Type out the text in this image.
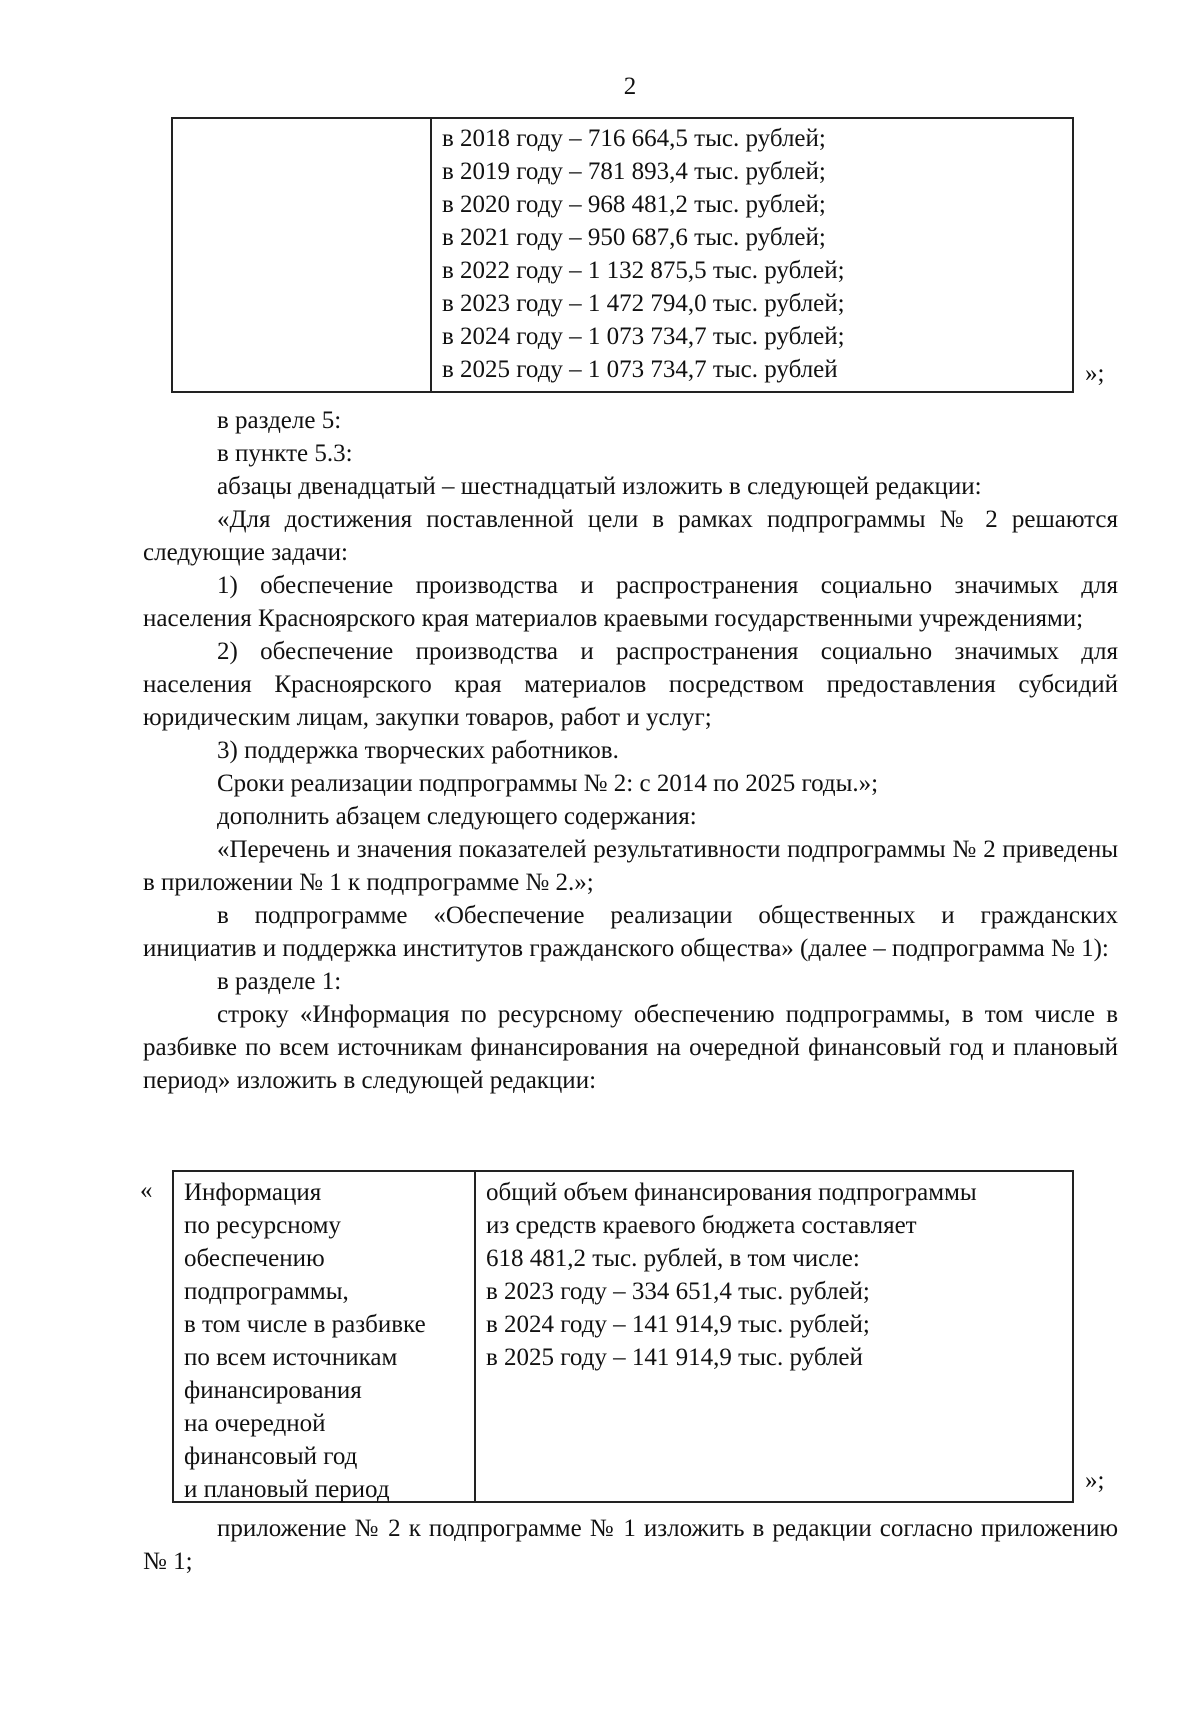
2
в 2018 году – 716 664,5 тыс. рублей;
в 2019 году – 781 893,4 тыс. рублей;
в 2020 году – 968 481,2 тыс. рублей;
в 2021 году – 950 687,6 тыс. рублей;
в 2022 году – 1 132 875,5 тыс. рублей;
в 2023 году – 1 472 794,0 тыс. рублей;
в 2024 году – 1 073 734,7 тыс. рублей;
в 2025 году – 1 073 734,7 тыс. рублей	»;

в разделе 5:

в пункте 5.3:

абзацы двенадцатый – шестнадцатый изложить в следующей редакции:

«Для достижения поставленной цели в рамках подпрограммы № 2 решаются следующие задачи:

1) обеспечение производства и распространения социально значимых для населения Красноярского края материалов краевыми государственными учреждениями;

2) обеспечение производства и распространения социально значимых для населения Красноярского края материалов посредством предоставления субсидий юридическим лицам, закупки товаров, работ и услуг;

3) поддержка творческих работников.

Сроки реализации подпрограммы № 2: с 2014 по 2025 годы.»;

дополнить абзацем следующего содержания:

«Перечень и значения показателей результативности подпрограммы № 2 приведены в приложении № 1 к подпрограмме № 2.»;

в подпрограмме «Обеспечение реализации общественных и гражданских инициатив и поддержка институтов гражданского общества» (далее – подпрограмма № 1):

в разделе 1:

строку «Информация по ресурсному обеспечению подпрограммы, в том числе в разбивке по всем источникам финансирования на очередной финансовый год и плановый период» изложить в следующей редакции:

« Информация
по ресурсному
обеспечению
подпрограммы,
в том числе в разбивке
по всем источникам
финансирования
на очередной
финансовый год
и плановый период
общий объем финансирования подпрограммы
из средств краевого бюджета составляет
618 481,2 тыс. рублей, в том числе:
в 2023 году – 334 651,4 тыс. рублей;
в 2024 году – 141 914,9 тыс. рублей;
в 2025 году – 141 914,9 тыс. рублей
»;

приложение № 2 к подпрограмме № 1 изложить в редакции согласно приложению № 1;
